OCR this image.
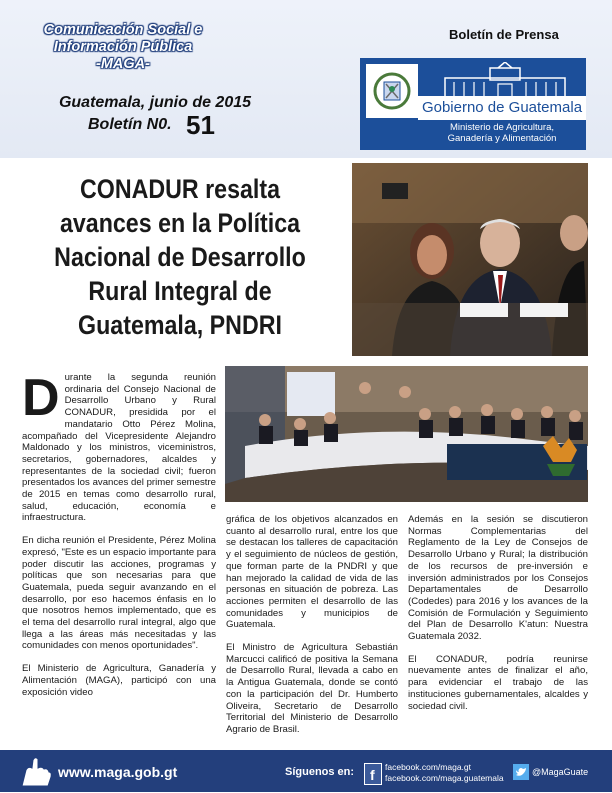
Comunicación Social e
Información Pública
-MAGA-
Guatemala, junio de 2015
Boletín N0. 51
Boletín de Prensa
Gobierno de Guatemala
Ministerio de Agricultura,
Ganadería y Alimentación
CONADUR resalta
avances en la Política
Nacional de Desarrollo
Rural Integral de
Guatemala, PNDRI

Durante la segunda reunión ordinaria del Consejo Nacional de Desarrollo Urbano y Rural CONADUR, presidida por el mandatario Otto Pérez Molina, acompañado del Vicepresidente Alejandro Maldonado y los ministros, viceministros, secretarios, gobernadores, alcaldes y representantes de la sociedad civil; fueron presentados los avances del primer semestre de 2015 en temas como desarrollo rural, salud, educación, economía e infraestructura.

En dicha reunión el Presidente, Pérez Molina expresó, "Este es un espacio importante para poder discutir las acciones, programas y políticas que son necesarias para que Guatemala, pueda seguir avanzando en el desarrollo, por eso hacemos énfasis en lo que nosotros hemos implementado, que es el tema del desarrollo rural integral, algo que llega a las áreas más necesitadas y las comunidades con menos oportunidades".

El Ministerio de Agricultura, Ganadería y Alimentación (MAGA), participó con una exposición video

gráfica de los objetivos alcanzados en cuanto al desarrollo rural, entre los que se destacan los talleres de capacitación y el seguimiento de núcleos de gestión, que forman parte de la PNDRI y que han mejorado la calidad de vida de las personas en situación de pobreza. Las acciones permiten el desarrollo de las comunidades y municipios de Guatemala.

El Ministro de Agricultura Sebastián Marcucci calificó de positiva la Semana de Desarrollo Rural, llevada a cabo en la Antigua Guatemala, donde se contó con la participación del Dr. Humberto Oliveira, Secretario de Desarrollo Territorial del Ministerio de Desarrollo Agrario de Brasil.

Además en la sesión se discutieron Normas Complementarias del Reglamento de la Ley de Consejos de Desarrollo Urbano y Rural; la distribución de los recursos de pre-inversión e inversión administrados por los Consejos Departamentales de Desarrollo (Codedes) para 2016 y los avances de la Comisión de Formulación y Seguimiento del Plan de Desarrollo K'atun: Nuestra Guatemala 2032.

El CONADUR, podría reunirse nuevamente antes de finalizar el año, para evidenciar el trabajo de las instituciones gubernamentales, alcaldes y sociedad civil.

www.maga.gob.gt	Síguenos en: f facebook.com/maga.gt
facebook.com/maga.guatemala
@MagaGuate
